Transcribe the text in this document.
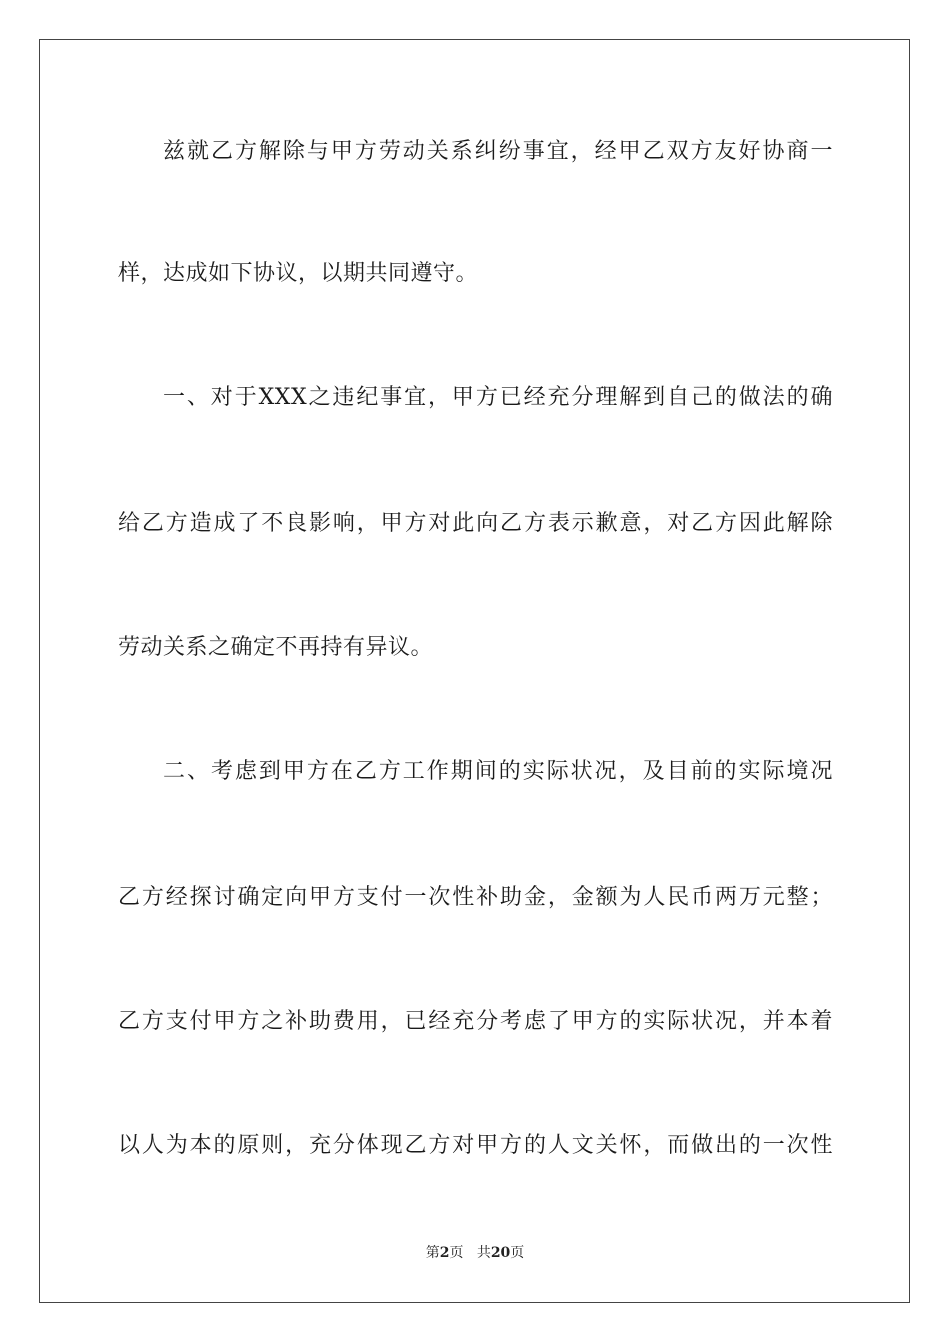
兹就乙方解除与甲方劳动关系纠纷事宜，经甲乙双方友好协商一
样，达成如下协议，以期共同遵守。
一、对于XXX之违纪事宜，甲方已经充分理解到自己的做法的确
给乙方造成了不良影响，甲方对此向乙方表示歉意，对乙方因此解除
劳动关系之确定不再持有异议。
二、考虑到甲方在乙方工作期间的实际状况，及目前的实际境况
乙方经探讨确定向甲方支付一次性补助金，金额为人民币两万元整；
乙方支付甲方之补助费用，已经充分考虑了甲方的实际状况，并本着
以人为本的原则，充分体现乙方对甲方的人文关怀，而做出的一次性
第2页 共20页
